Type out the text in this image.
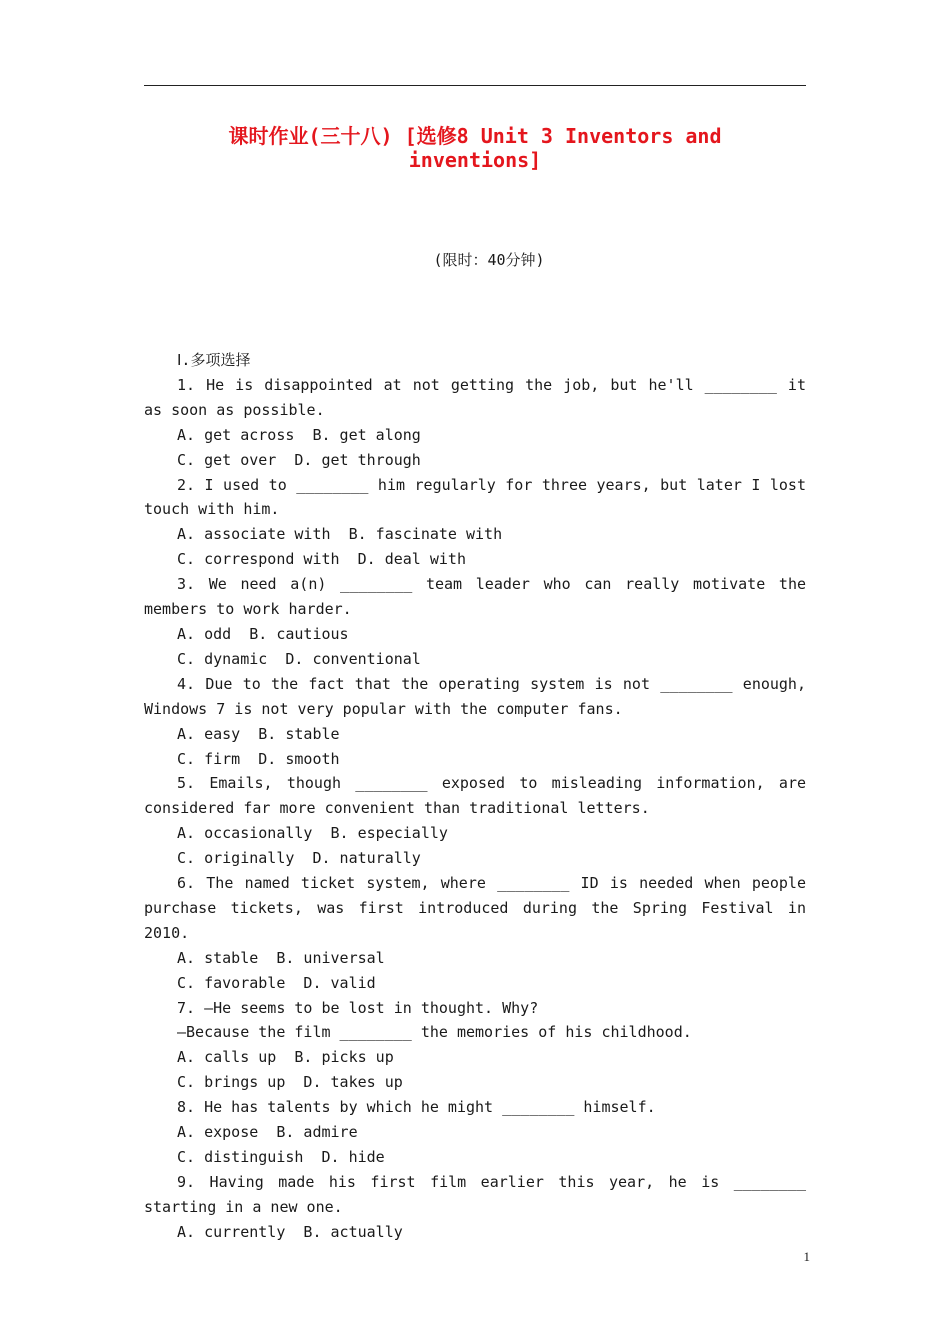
课时作业(三十八) [选修8 Unit 3 Inventors and
inventions]
(限时：40分钟)
Ⅰ.多项选择
1. He is disappointed at not getting the job, but he'll ________ it as soon as possible.
A. get across  B. get along
C. get over  D. get through
2. I used to ________ him regularly for three years, but later I lost touch with him.
A. associate with  B. fascinate with
C. correspond with  D. deal with
3. We need a(n) ________ team leader who can really motivate the members to work harder.
A. odd  B. cautious
C. dynamic  D. conventional
4. Due to the fact that the operating system is not ________ enough, Windows 7 is not very popular with the computer fans.
A. easy  B. stable
C. firm  D. smooth
5. Emails, though ________ exposed to misleading information, are considered far more convenient than traditional letters.
A. occasionally  B. especially
C. originally  D. naturally
6. The named ticket system, where ________ ID is needed when people purchase tickets, was first introduced during the Spring Festival in 2010.
A. stable  B. universal
C. favorable  D. valid
7. —He seems to be lost in thought. Why?
—Because the film ________ the memories of his childhood.
A. calls up  B. picks up
C. brings up  D. takes up
8. He has talents by which he might ________ himself.
A. expose  B. admire
C. distinguish  D. hide
9. Having made his first film earlier this year, he is ________ starting in a new one.
A. currently  B. actually
1
